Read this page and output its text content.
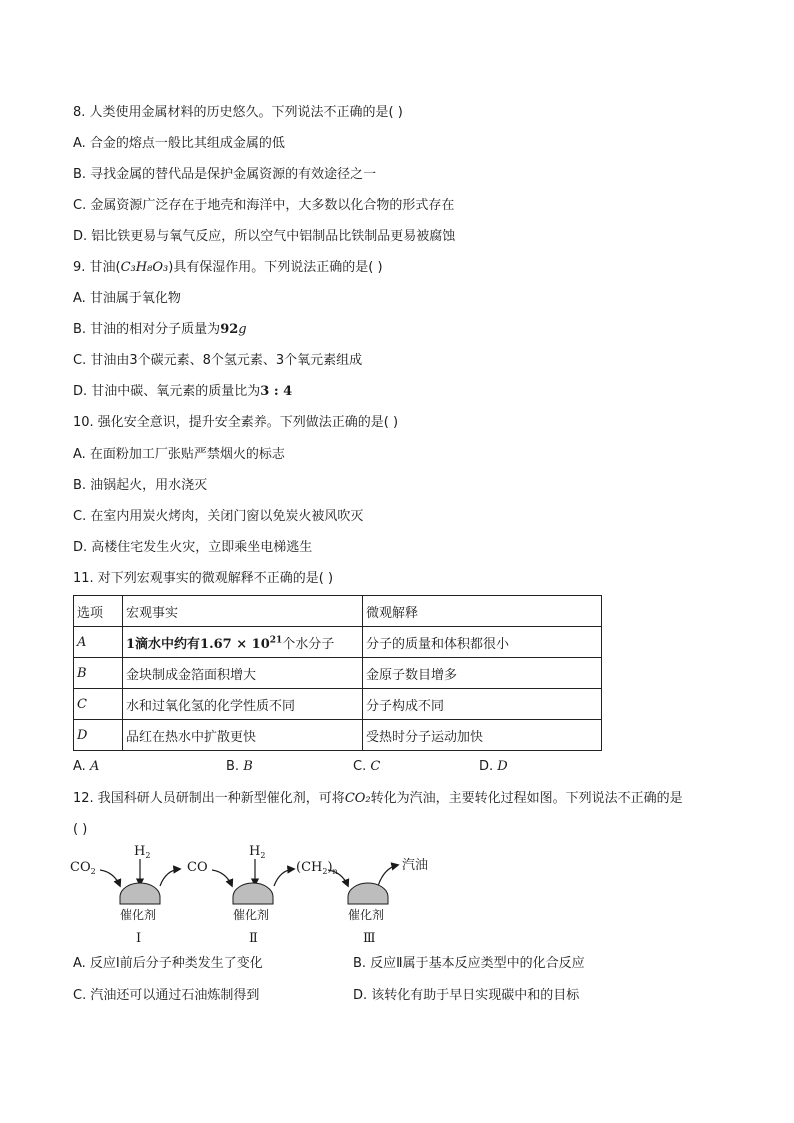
8. 人类使用金属材料的历史悠久。下列说法不正确的是( )
A. 合金的熔点一般比其组成金属的低
B. 寻找金属的替代品是保护金属资源的有效途径之一
C. 金属资源广泛存在于地壳和海洋中，大多数以化合物的形式存在
D. 铝比铁更易与氧气反应，所以空气中铝制品比铁制品更易被腐蚀
9. 甘油(C₃H₈O₃)具有保湿作用。下列说法正确的是( )
A. 甘油属于氧化物
B. 甘油的相对分子质量为92g
C. 甘油由3个碳元素、8个氢元素、3个氧元素组成
D. 甘油中碳、氧元素的质量比为3 : 4
10. 强化安全意识，提升安全素养。下列做法正确的是( )
A. 在面粉加工厂张贴严禁烟火的标志
B. 油锅起火，用水浇灭
C. 在室内用炭火烤肉，关闭门窗以免炭火被风吹灭
D. 高楼住宅发生火灾，立即乘坐电梯逃生
11. 对下列宏观事实的微观解释不正确的是( )
选项	宏观事实	微观解释
A	1滴水中约有$1.67 \times 10^{21}$个水分子	分子的质量和体积都很小
B	金块制成金箔面积增大	金原子数目增多
C	水和过氧化氢的化学性质不同	分子构成不同
D	品红在热水中扩散更快	受热时分子运动加快
A. A	B. B	C. C	D. D
12. 我国科研人员研制出一种新型催化剂，可将CO₂转化为汽油，主要转化过程如图。下列说法不正确的是
( )
$CO_2$
$H_2$
催化剂
Ⅰ
CO
$H_2$
催化剂
Ⅱ
$(CH_2)_n$	汽油
催化剂
Ⅲ
A. 反应Ⅰ前后分子种类发生了变化	B. 反应Ⅱ属于基本反应类型中的化合反应
C. 汽油还可以通过石油炼制得到	D. 该转化有助于早日实现碳中和的目标
